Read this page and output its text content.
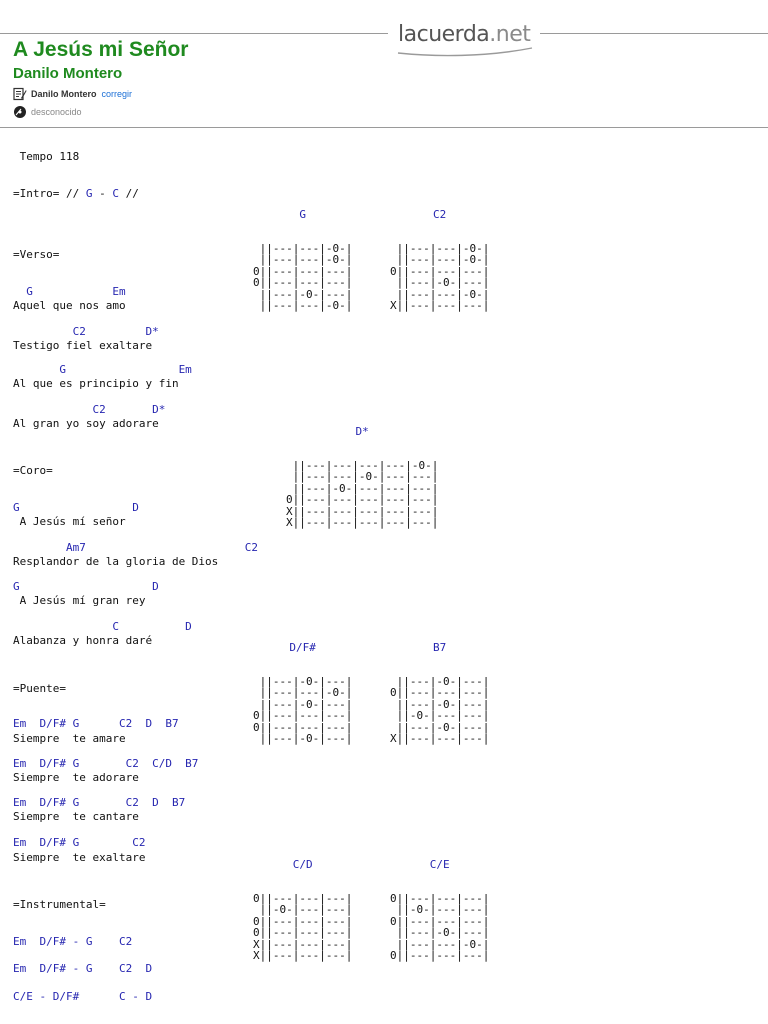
lacuerda.net
A Jesús mi Señor
Danilo Montero
Danilo Montero corregir
desconocido
Tempo 118
=Intro= // G - C //
=Verso=
G            Em
Aquel que nos amo
C2         D*
Testigo fiel exaltare
G                 Em
Al que es principio y fin
C2       D*
Al gran yo soy adorare
=Coro=
G                 D
A Jesús mí señor
Am7                        C2
Resplandor de la gloria de Dios
G                    D
A Jesús mí gran rey
C          D
Alabanza y honra daré
=Puente=
Em  D/F# G      C2  D  B7
Siempre  te amare
Em  D/F# G       C2  C/D  B7
Siempre  te adorare
Em  D/F# G       C2  D  B7
Siempre  te cantare
Em  D/F# G        C2
Siempre  te exaltare
=Instrumental=
Em  D/F# - G    C2
Em  D/F# - G    C2  D
C/E - D/F#      C - D

G

||---|---|-0-|
||---|---|-0-|
0||---|---|---|
0||---|---|---|
||---|-0-|---|
||---|---|-0-|

C2

||---|---|-0-|
||---|---|-0-|
0||---|---|---|
||---|-0-|---|
||---|---|-0-|
X||---|---|---|

D*

||---|---|---|---|-0-|
||---|---|-0-|---|---|
||---|-0-|---|---|---|
0||---|---|---|---|---|
X||---|---|---|---|---|
X||---|---|---|---|---|

D/F#

||---|-0-|---|
||---|---|-0-|
||---|-0-|---|
0||---|---|---|
0||---|---|---|
||---|-0-|---|

B7

||---|-0-|---|
0||---|---|---|
||---|-0-|---|
||-0-|---|---|
||---|-0-|---|
X||---|---|---|

C/D

0||---|---|---|
||-0-|---|---|
0||---|---|---|
0||---|---|---|
X||---|---|---|
X||---|---|---|

C/E

0||---|---|---|
||-0-|---|---|
0||---|---|---|
||---|-0-|---|
||---|---|-0-|
0||---|---|---|
